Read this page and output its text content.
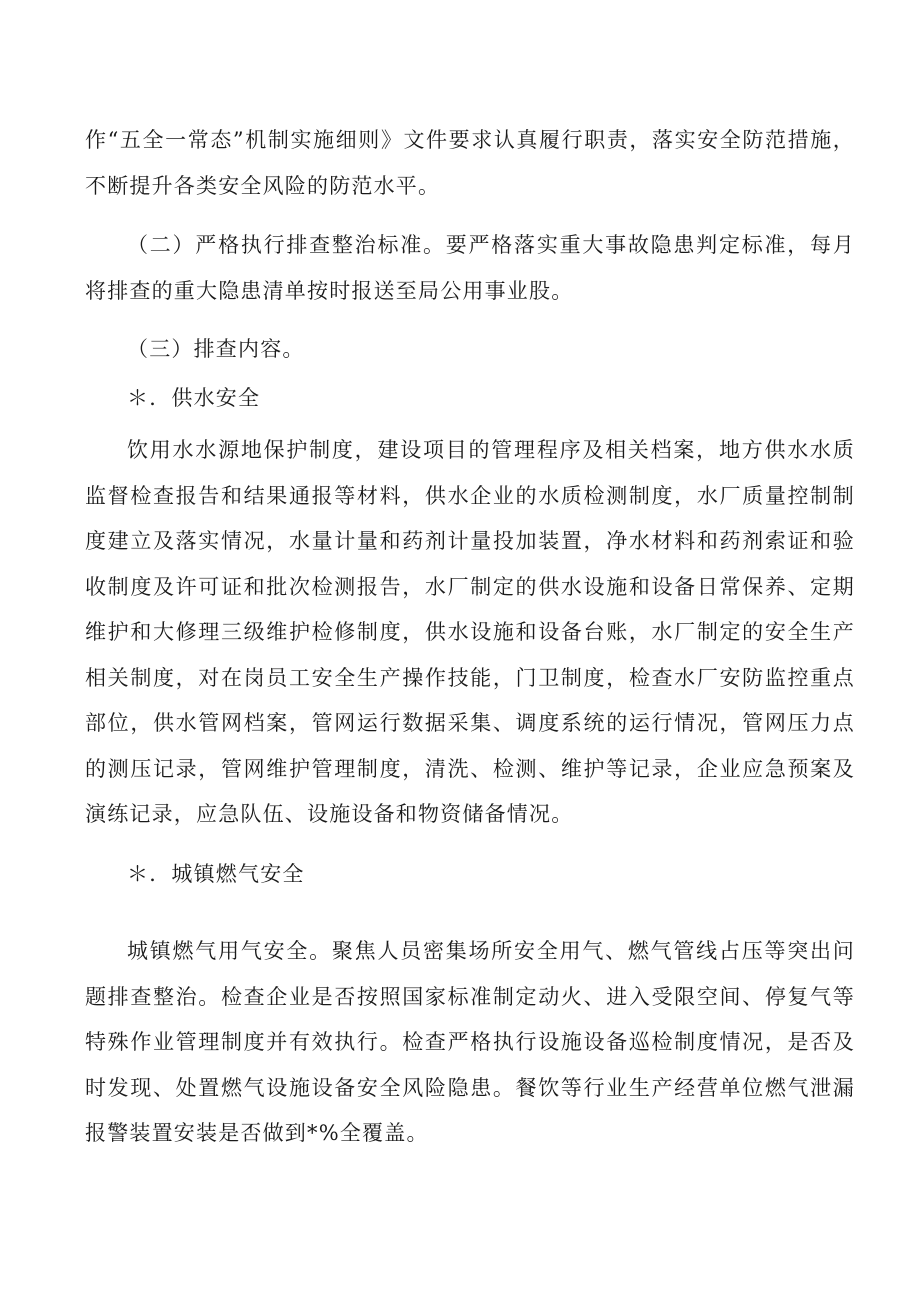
作“五全一常态”机制实施细则》文件要求认真履行职责，落实安全防范措施，不断提升各类安全风险的防范水平。

（二）严格执行排查整治标准。要严格落实重大事故隐患判定标准，每月将排查的重大隐患清单按时报送至局公用事业股。

（三）排查内容。

＊．供水安全

饮用水水源地保护制度，建设项目的管理程序及相关档案，地方供水水质监督检查报告和结果通报等材料，供水企业的水质检测制度，水厂质量控制制度建立及落实情况，水量计量和药剂计量投加装置，净水材料和药剂索证和验收制度及许可证和批次检测报告，水厂制定的供水设施和设备日常保养、定期维护和大修理三级维护检修制度，供水设施和设备台账，水厂制定的安全生产相关制度，对在岗员工安全生产操作技能，门卫制度，检查水厂安防监控重点部位，供水管网档案，管网运行数据采集、调度系统的运行情况，管网压力点的测压记录，管网维护管理制度，清洗、检测、维护等记录，企业应急预案及演练记录，应急队伍、设施设备和物资储备情况。

＊．城镇燃气安全

城镇燃气用气安全。聚焦人员密集场所安全用气、燃气管线占压等突出问题排查整治。检查企业是否按照国家标准制定动火、进入受限空间、停复气等特殊作业管理制度并有效执行。检查严格执行设施设备巡检制度情况，是否及时发现、处置燃气设施设备安全风险隐患。餐饮等行业生产经营单位燃气泄漏报警装置安装是否做到*%全覆盖。
